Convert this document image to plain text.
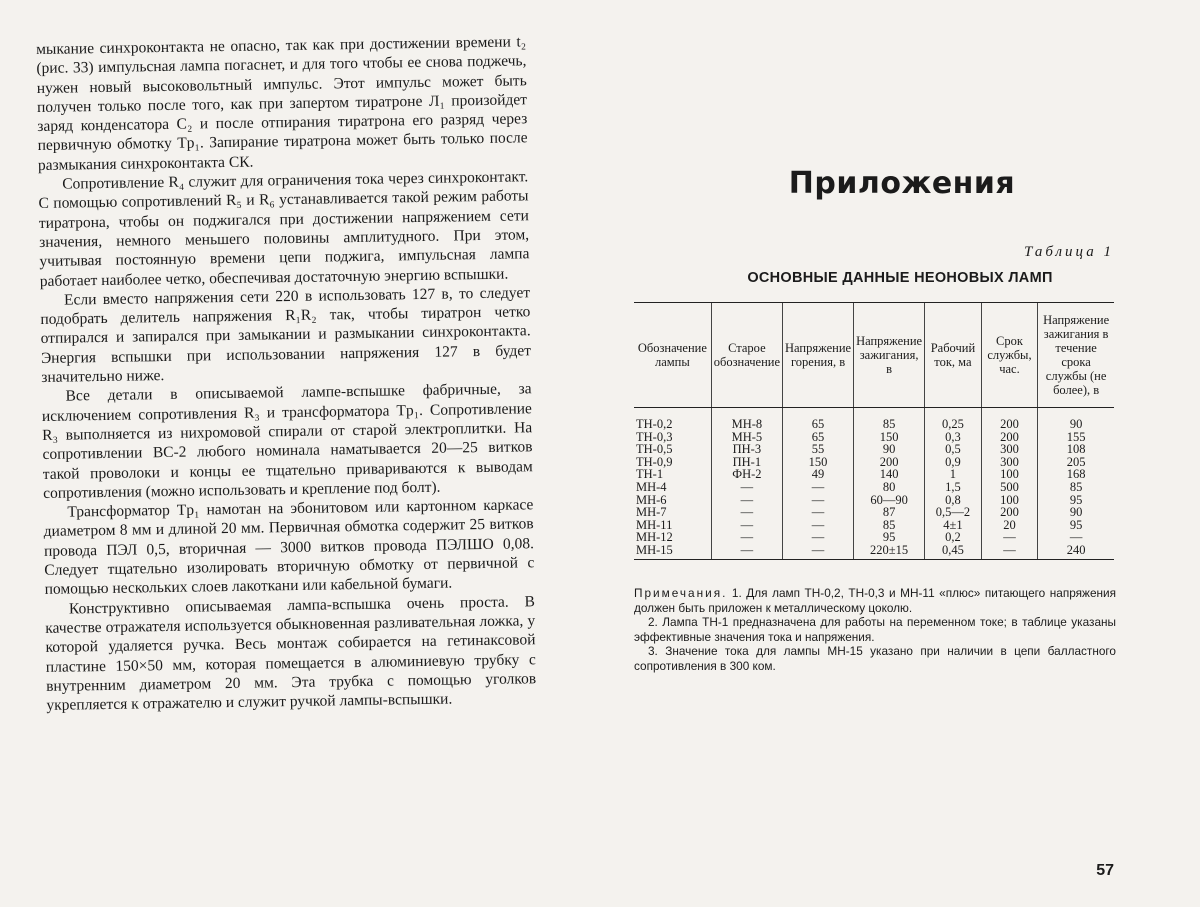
мыкание синхроконтакта не опасно, так как при достижении времени t₂ (рис. 33) импульсная лампа погаснет, и для того чтобы ее снова поджечь, нужен новый высоковольтный импульс. Этот импульс может быть получен только после того, как при запертом тиратроне Л₁ произойдет заряд конденсатора C₂ и после отпирания тиратрона его разряд через первичную обмотку Tp₁. Запирание тиратрона может быть только после размыкания синхроконтакта СК.

Сопротивление R₄ служит для ограничения тока через синхроконтакт. С помощью сопротивлений R₅ и R₆ устанавливается такой режим работы тиратрона, чтобы он поджигался при достижении напряжением сети значения, немного меньшего половины амплитудного. При этом, учитывая постоянную времени цепи поджига, импульсная лампа работает наиболее четко, обеспечивая достаточную энергию вспышки.

Если вместо напряжения сети 220 в использовать 127 в, то следует подобрать делитель напряжения R₁R₂ так, чтобы тиратрон четко отпирался и запирался при замыкании и размыкании синхроконтакта. Энергия вспышки при использовании напряжения 127 в будет значительно ниже.

Все детали в описываемой лампе-вспышке фабричные, за исключением сопротивления R₃ и трансформатора Tp₁. Сопротивление R₃ выполняется из нихромовой спирали от старой электроплитки. На сопротивлении ВС-2 любого номинала наматывается 20—25 витков такой проволоки и концы ее тщательно привариваются к выводам сопротивления (можно использовать и крепление под болт).

Трансформатор Tp₁ намотан на эбонитовом или картонном каркасе диаметром 8 мм и длиной 20 мм. Первичная обмотка содержит 25 витков провода ПЭЛ 0,5, вторичная — 3000 витков провода ПЭЛШО 0,08. Следует тщательно изолировать вторичную обмотку от первичной с помощью нескольких слоев лакоткани или кабельной бумаги.

Конструктивно описываемая лампа-вспышка очень проста. В качестве отражателя используется обыкновенная разливательная ложка, у которой удаляется ручка. Весь монтаж собирается на гетинаксовой пластине 150×50 мм, которая помещается в алюминиевую трубку с внутренним диаметром 20 мм. Эта трубка с помощью уголков укрепляется к отражателю и служит ручкой лампы-вспышки.

Приложения
Таблица 1
ОСНОВНЫЕ ДАННЫЕ НЕОНОВЫХ ЛАМП
Обозначение лампы	Старое обозначение	Напряжение горения, в	Напряжение зажигания, в	Рабочий ток, ма	Срок службы, час.	Напряжение зажигания в течение срока службы (не более), в
ТН-0,2	МН-8	65	85	0,25	200	90
ТН-0,3	МН-5	65	150	0,3	200	155
ТН-0,5	ПН-3	55	90	0,5	300	108
ТН-0,9	ПН-1	150	200	0,9	300	205
ТН-1	ФН-2	49	140	1	100	168
МН-4	—	—	80	1,5	500	85
МН-6	—	—	60—90	0,8	100	95
МН-7	—	—	87	0,5—2	200	90
МН-11	—	—	85	4±1	20	95
МН-12	—	—	95	0,2	—	—
МН-15	—	—	220±15	0,45	—	240

Примечания. 1. Для ламп ТН-0,2, ТН-0,3 и МН-11 «плюс» питающего напряжения должен быть приложен к металлическому цоколю.

2. Лампа ТН-1 предназначена для работы на переменном токе; в таблице указаны эффективные значения тока и напряжения.

3. Значение тока для лампы МН-15 указано при наличии в цепи балластного сопротивления в 300 ком.

57
